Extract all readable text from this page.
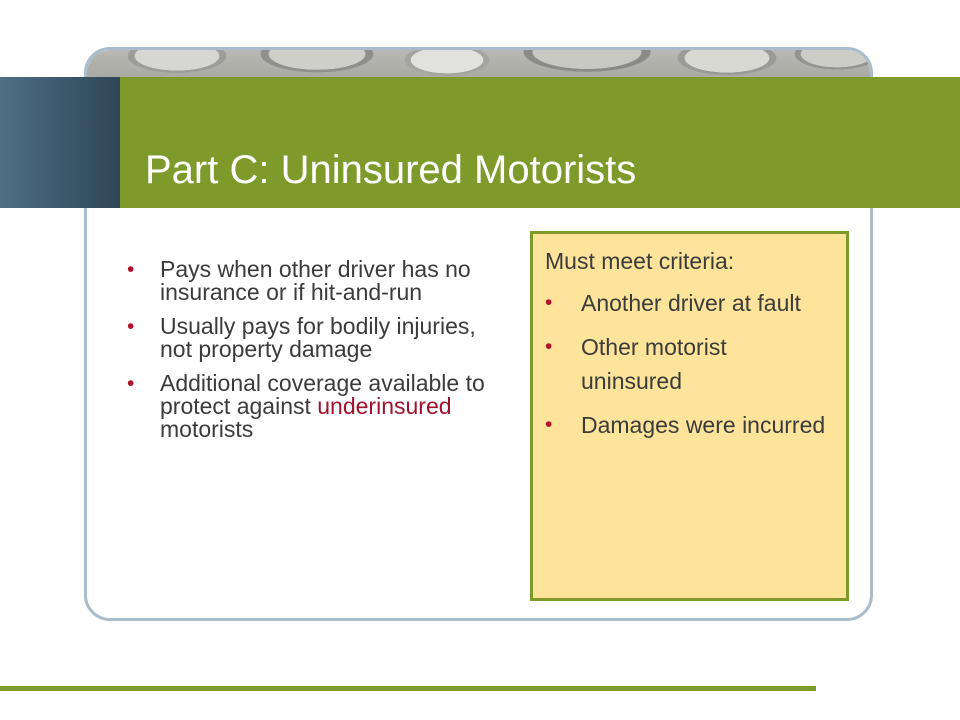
Part C: Uninsured Motorists
• Pays when other driver has no insurance or if hit-and-run
• Usually pays for bodily injuries, not property damage
• Additional coverage available to protect against underinsured motorists

Must meet criteria:

• Another driver at fault
• Other motorist uninsured
• Damages were incurred
